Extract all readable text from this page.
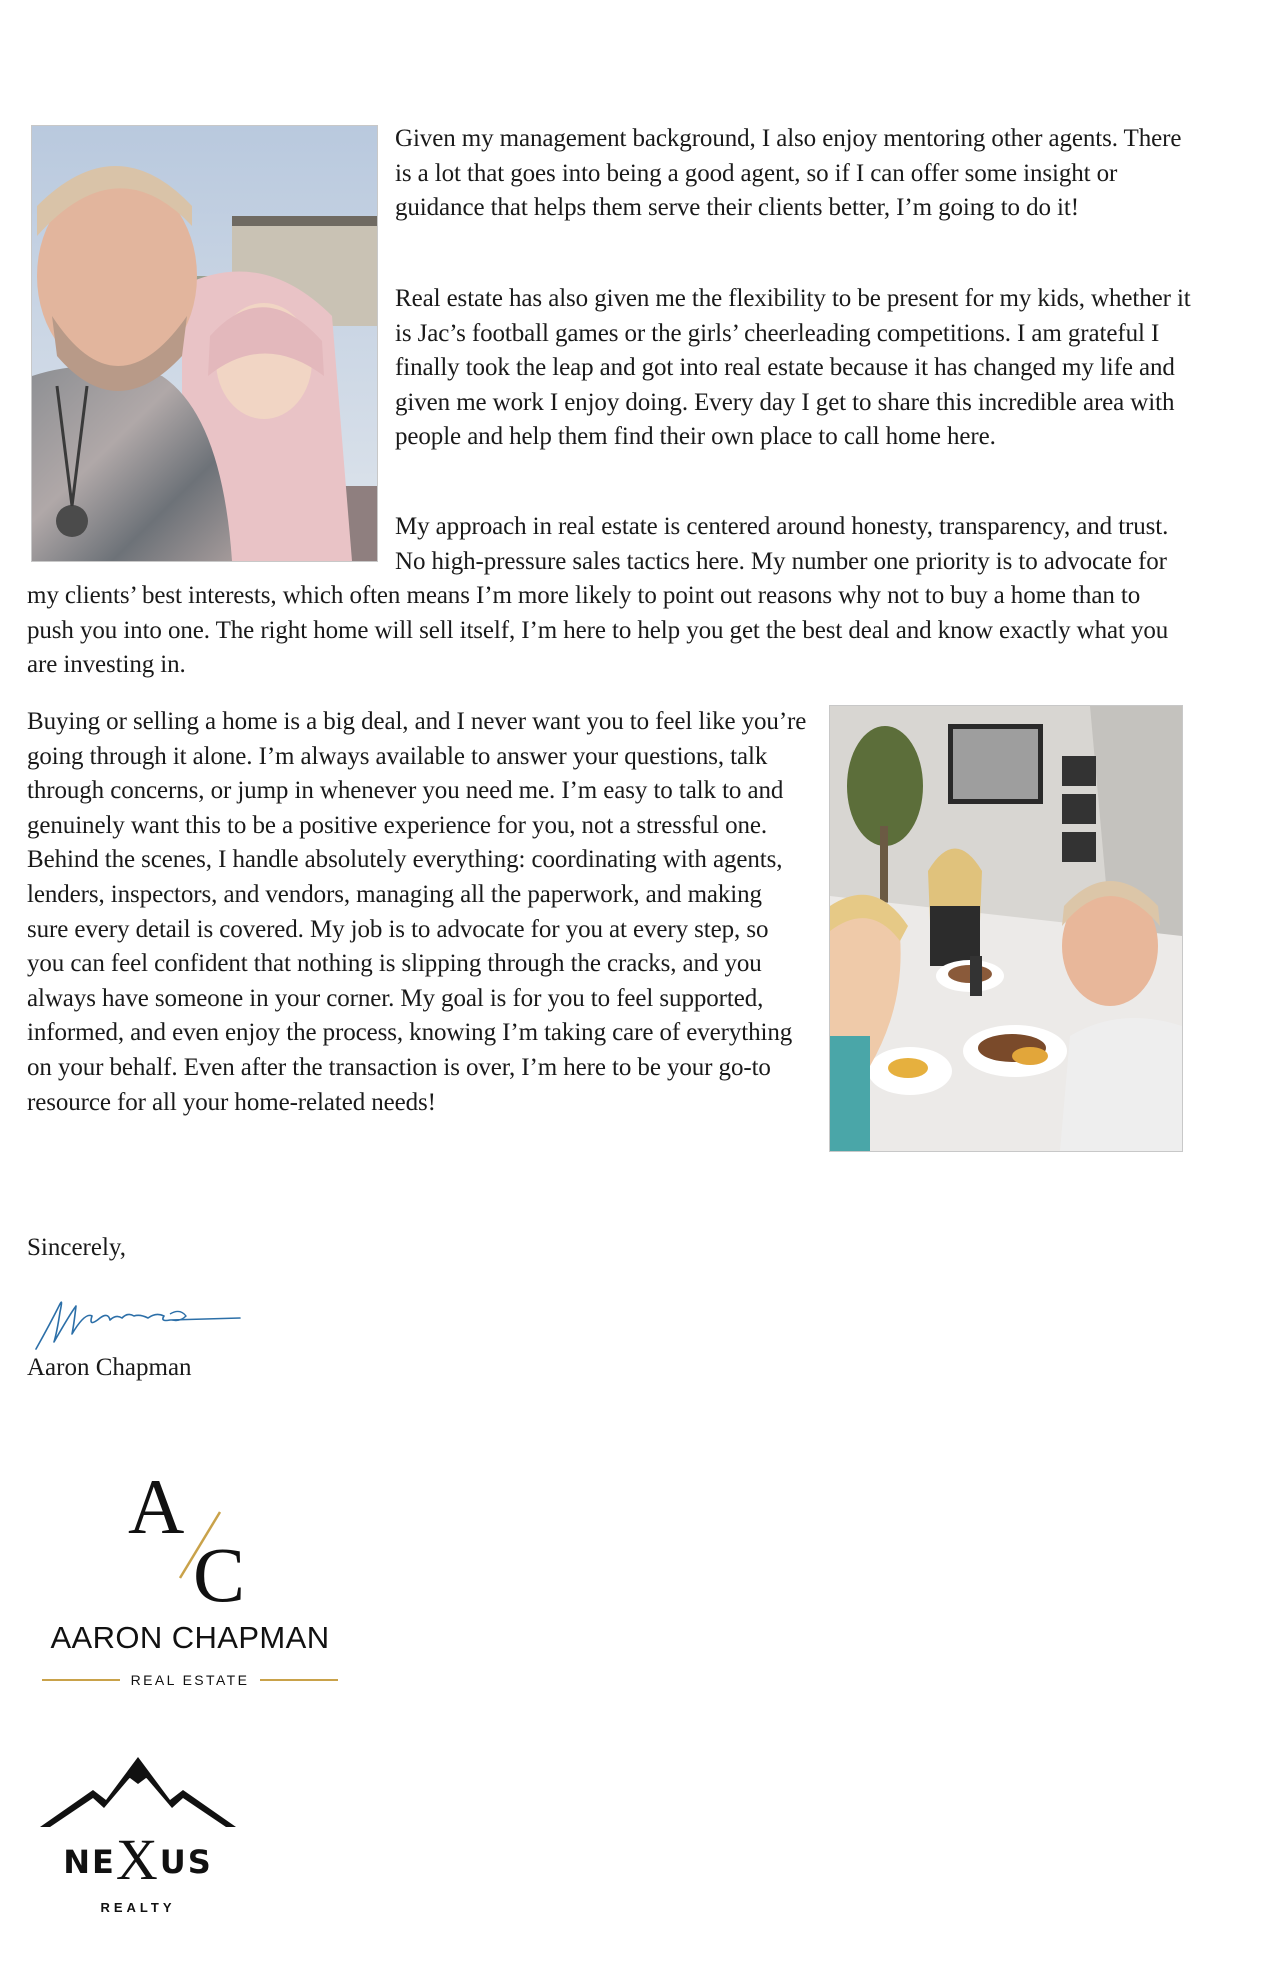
Given my management background, I also enjoy mentoring other agents. There is a lot that goes into being a good agent, so if I can offer some insight or guidance that helps them serve their clients better, I’m going to do it!

Real estate has also given me the flexibility to be present for my kids, whether it is Jac’s football games or the girls’ cheerleading competitions. I am grateful I finally took the leap and got into real estate because it has changed my life and given me work I enjoy doing. Every day I get to share this incredible area with people and help them find their own place to call home here.

My approach in real estate is centered around honesty, transparency, and trust. No high-pressure sales tactics here. My number one priority is to advocate for my clients’ best interests, which often means I’m more likely to point out reasons why not to buy a home than to push you into one. The right home will sell itself, I’m here to help you get the best deal and know exactly what you are investing in.

Buying or selling a home is a big deal, and I never want you to feel like you’re going through it alone. I’m always available to answer your questions, talk through concerns, or jump in whenever you need me. I’m easy to talk to and genuinely want this to be a positive experience for you, not a stressful one. Behind the scenes, I handle absolutely everything: coordinating with agents, lenders, inspectors, and vendors, managing all the paperwork, and making sure every detail is covered. My job is to advocate for you at every step, so you can feel confident that nothing is slipping through the cracks, and you always have someone in your corner. My goal is for you to feel supported, informed, and even enjoy the process, knowing I’m taking care of everything on your behalf. Even after the transaction is over, I’m here to be your go-to resource for all your home-related needs!

Sincerely,

Aaron Chapman

A
C
AARON CHAPMAN
REAL ESTATE
NEXUS
REALTY
